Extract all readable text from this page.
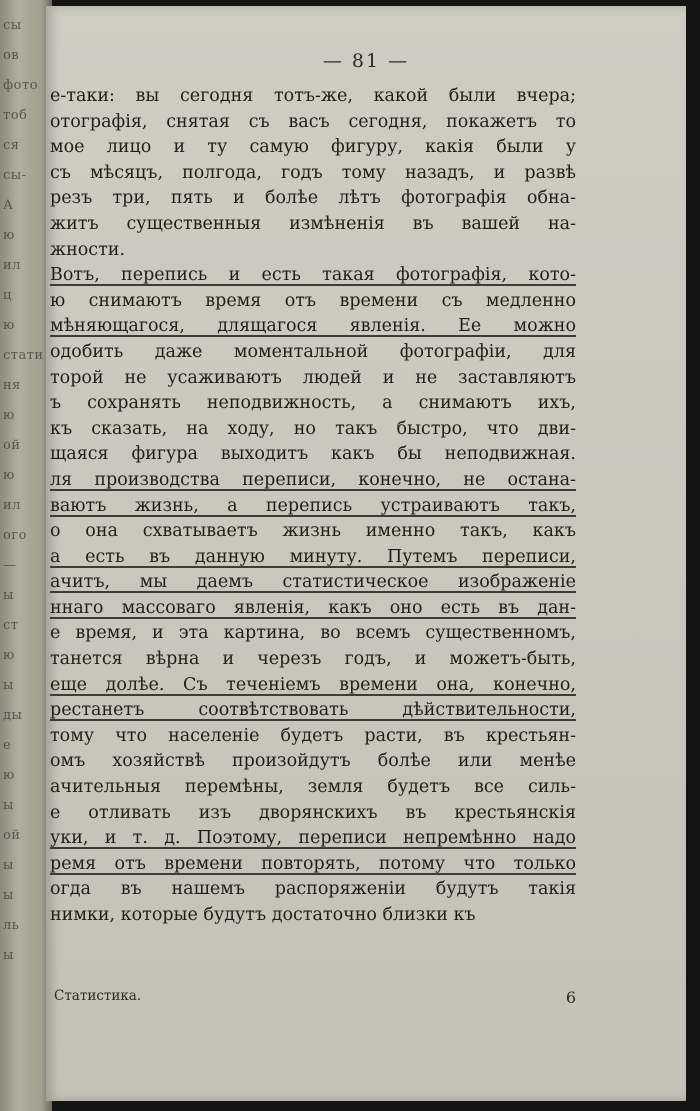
сы
ов
фото
тоб
ся
сы-
А
ю
ил
ц
ю
стати
ня
ю
ой
ю
ил
ого
—
ы
ст
ю
ы
ды
е
ю
ы
ой
ы
ы
ль
ы
— 81 —
е-таки: вы сегодня тотъ-же, какой были вчера;
отографія, снятая съ васъ сегодня, покажетъ то
мое лицо и ту самую фигуру, какія были у
съ мѣсяцъ, полгода, годъ тому назадъ, и развѣ
резъ три, пять и болѣе лѣтъ фотографія обна-
житъ существенныя измѣненія въ вашей на-
жности.
Вотъ, перепись и есть такая фотографія, кото-
ю снимаютъ время отъ времени съ медленно
мѣняющагося, длящагося явленія. Ее можно
одобить даже моментальной фотографіи, для
торой не усаживаютъ людей и не заставляютъ
ъ сохранять неподвижность, а снимаютъ ихъ,
къ сказать, на ходу, но такъ быстро, что дви-
щаяся фигура выходитъ какъ бы неподвижная.
ля производства переписи, конечно, не остана-
ваютъ жизнь, а перепись устраиваютъ такъ,
о она схватываетъ жизнь именно такъ, какъ
а есть въ данную минуту. Путемъ переписи,
ачитъ, мы даемъ статистическое изображеніе
ннаго массоваго явленія, какъ оно есть въ дан-
е время, и эта картина, во всемъ существенномъ,
танется вѣрна и черезъ годъ, и можетъ-быть,
еще долѣе. Съ теченіемъ времени она, конечно,
рестанетъ соотвѣтствовать дѣйствительности,
тому что населеніе будетъ расти, въ крестьян-
омъ хозяйствѣ произойдутъ болѣе или менѣе
ачительныя перемѣны, земля будетъ все силь-
е отливать изъ дворянскихъ въ крестьянскія
уки, и т. д. Поэтому, переписи непремѣнно надо
ремя отъ времени повторять, потому что только
огда въ нашемъ распоряженіи будутъ такія
нимки, которые будутъ достаточно близки къ
Статистика.	6
